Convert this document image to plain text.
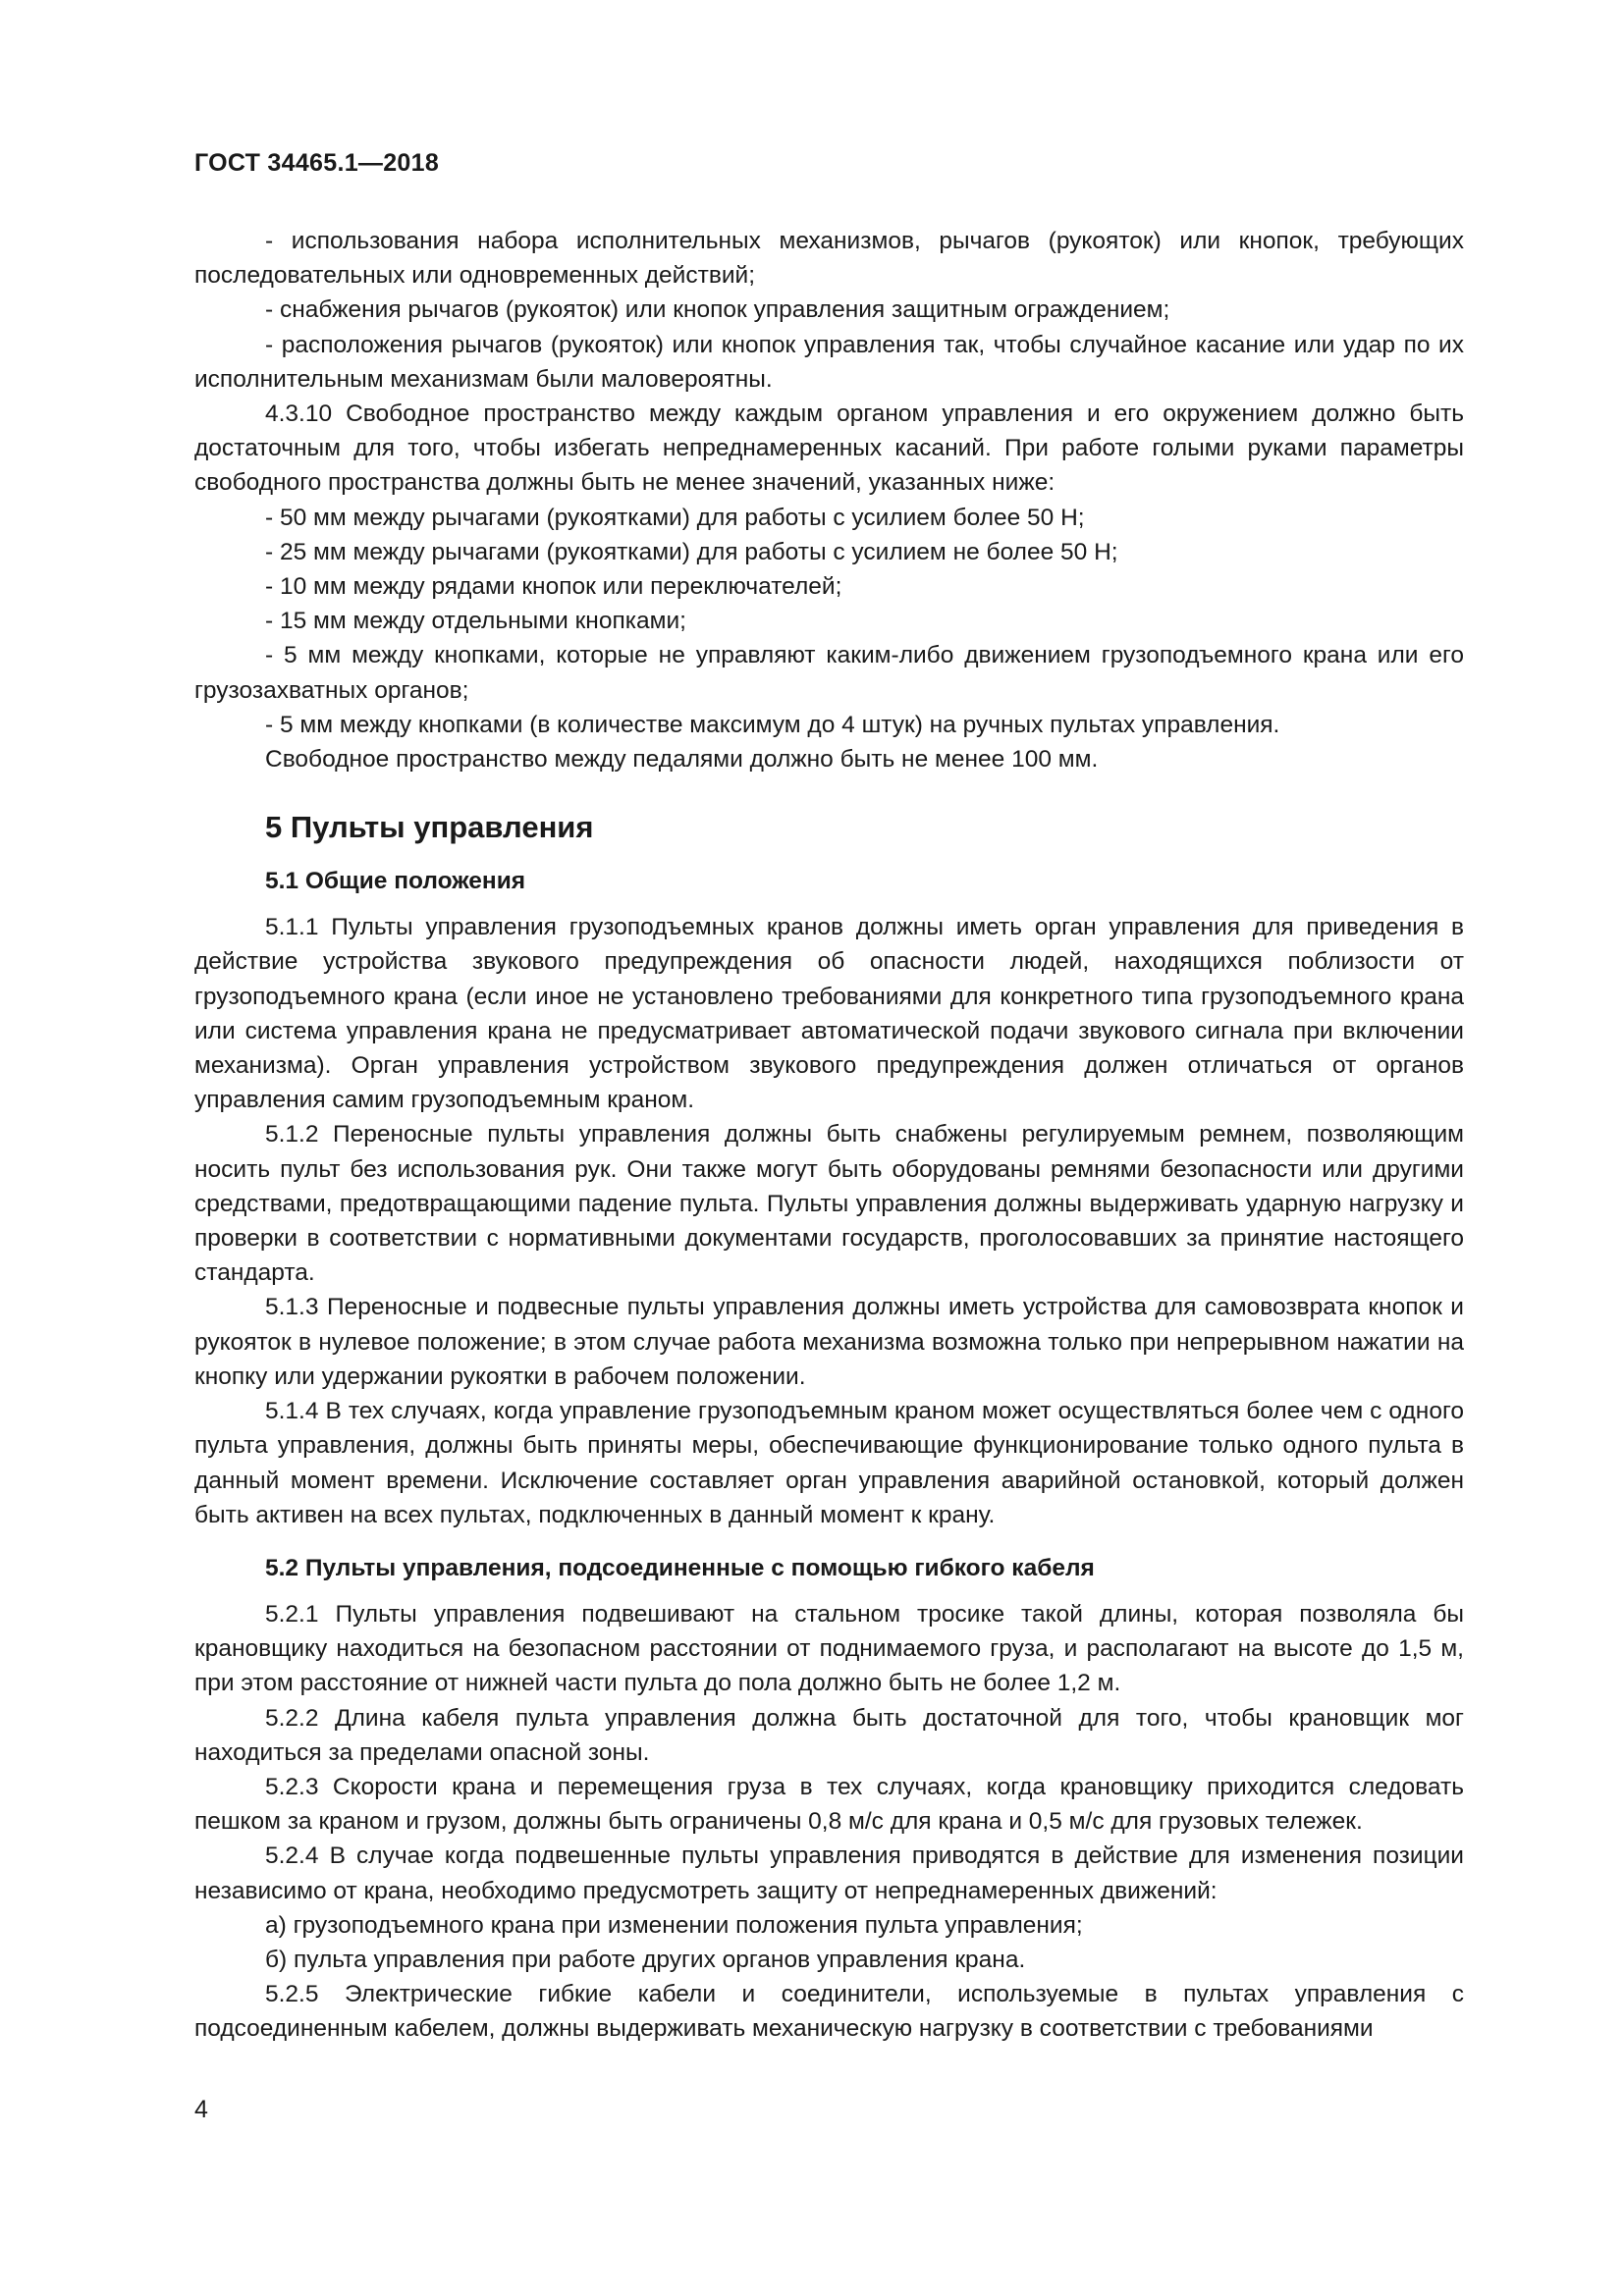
ГОСТ 34465.1—2018

- использования набора исполнительных механизмов, рычагов (рукояток) или кнопок, требующих последовательных или одновременных действий;

- снабжения рычагов (рукояток) или кнопок управления защитным ограждением;

- расположения рычагов (рукояток) или кнопок управления так, чтобы случайное касание или удар по их исполнительным механизмам были маловероятны.

4.3.10 Свободное пространство между каждым органом управления и его окружением должно быть достаточным для того, чтобы избегать непреднамеренных касаний. При работе голыми руками параметры свободного пространства должны быть не менее значений, указанных ниже:

- 50 мм между рычагами (рукоятками) для работы с усилием более 50 Н;

- 25 мм между рычагами (рукоятками) для работы с усилием не более 50 Н;

- 10 мм между рядами кнопок или переключателей;

- 15 мм между отдельными кнопками;

- 5 мм между кнопками, которые не управляют каким-либо движением грузоподъемного крана или его грузозахватных органов;

- 5 мм между кнопками (в количестве максимум до 4 штук) на ручных пультах управления.

Свободное пространство между педалями должно быть не менее 100 мм.

5 Пульты управления
5.1 Общие положения

5.1.1 Пульты управления грузоподъемных кранов должны иметь орган управления для приведения в действие устройства звукового предупреждения об опасности людей, находящихся поблизости от грузоподъемного крана (если иное не установлено требованиями для конкретного типа грузоподъемного крана или система управления крана не предусматривает автоматической подачи звукового сигнала при включении механизма). Орган управления устройством звукового предупреждения должен отличаться от органов управления самим грузоподъемным краном.

5.1.2 Переносные пульты управления должны быть снабжены регулируемым ремнем, позволяющим носить пульт без использования рук. Они также могут быть оборудованы ремнями безопасности или другими средствами, предотвращающими падение пульта. Пульты управления должны выдерживать ударную нагрузку и проверки в соответствии с нормативными документами государств, проголосовавших за принятие настоящего стандарта.

5.1.3 Переносные и подвесные пульты управления должны иметь устройства для самовозврата кнопок и рукояток в нулевое положение; в этом случае работа механизма возможна только при непрерывном нажатии на кнопку или удержании рукоятки в рабочем положении.

5.1.4 В тех случаях, когда управление грузоподъемным краном может осуществляться более чем с одного пульта управления, должны быть приняты меры, обеспечивающие функционирование только одного пульта в данный момент времени. Исключение составляет орган управления аварийной остановкой, который должен быть активен на всех пультах, подключенных в данный момент к крану.

5.2 Пульты управления, подсоединенные с помощью гибкого кабеля

5.2.1 Пульты управления подвешивают на стальном тросике такой длины, которая позволяла бы крановщику находиться на безопасном расстоянии от поднимаемого груза, и располагают на высоте до 1,5 м, при этом расстояние от нижней части пульта до пола должно быть не более 1,2 м.

5.2.2 Длина кабеля пульта управления должна быть достаточной для того, чтобы крановщик мог находиться за пределами опасной зоны.

5.2.3 Скорости крана и перемещения груза в тех случаях, когда крановщику приходится следовать пешком за краном и грузом, должны быть ограничены 0,8 м/с для крана и 0,5 м/с для грузовых тележек.

5.2.4 В случае когда подвешенные пульты управления приводятся в действие для изменения позиции независимо от крана, необходимо предусмотреть защиту от непреднамеренных движений:

а) грузоподъемного крана при изменении положения пульта управления;

б) пульта управления при работе других органов управления крана.

5.2.5 Электрические гибкие кабели и соединители, используемые в пультах управления с подсоединенным кабелем, должны выдерживать механическую нагрузку в соответствии с требованиями

4
